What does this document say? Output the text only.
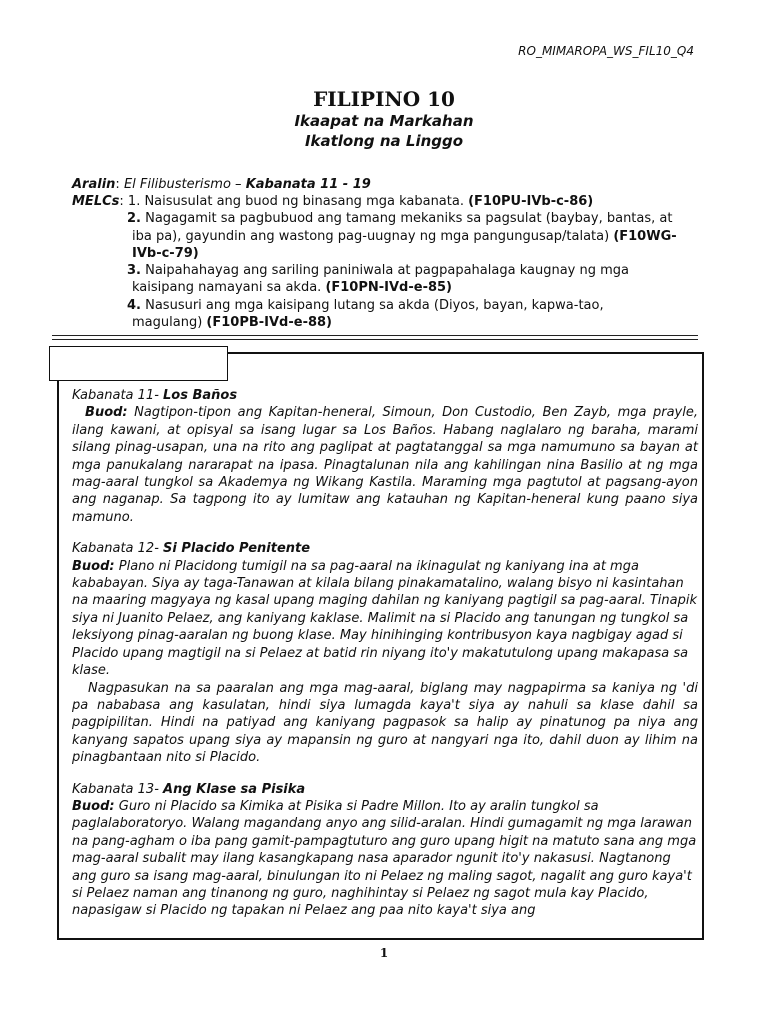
RO_MIMAROPA_WS_FIL10_Q4
FILIPINO 10
Ikaapat na Markahan
Ikatlong na Linggo
Aralin: El Filibusterismo – Kabanata 11 - 19
MELCs: 1. Naisusulat ang buod ng binasang mga kabanata. (F10PU-IVb-c-86)
2. Nagagamit sa pagbubuod ang tamang mekaniks sa pagsulat (baybay, bantas, at
iba pa), gayundin ang wastong pag-uugnay ng mga pangungusap/talata) (F10WG-
IVb-c-79)
3. Naipahahayag ang sariling paniniwala at pagpapahalaga kaugnay ng mga
kaisipang namayani sa akda. (F10PN-IVd-e-85)
4. Nasusuri ang mga kaisipang lutang sa akda (Diyos, bayan, kapwa-tao,
magulang) (F10PB-IVd-e-88)

Kabanata 11- Los Baños

Buod: Nagtipon-tipon ang Kapitan-heneral, Simoun, Don Custodio, Ben Zayb, mga prayle, ilang kawani, at opisyal sa isang lugar sa Los Baños. Habang naglalaro ng baraha, marami silang pinag-usapan, una na rito ang paglipat at pagtatanggal sa mga namumuno sa bayan at mga panukalang nararapat na ipasa. Pinagtalunan nila ang kahilingan nina Basilio at ng mga mag-aaral tungkol sa Akademya ng Wikang Kastila. Maraming mga pagtutol at pagsang-ayon ang naganap. Sa tagpong ito ay lumitaw ang katauhan ng Kapitan-heneral kung paano siya mamuno.

Kabanata 12- Si Placido Penitente

Buod: Plano ni Placidong tumigil na sa pag-aaral na ikinagulat ng kaniyang ina at mga kababayan. Siya ay taga-Tanawan at kilala bilang pinakamatalino, walang bisyo ni kasintahan na maaring magyaya ng kasal upang maging dahilan ng kaniyang pagtigil sa pag-aaral. Tinapik siya ni Juanito Pelaez, ang kaniyang kaklase. Malimit na si Placido ang tanungan ng tungkol sa leksiyong pinag-aaralan ng buong klase. May hinihinging kontribusyon kaya nagbigay agad si Placido upang magtigil na si Pelaez at batid rin niyang ito'y makatutulong upang makapasa sa klase.

Nagpasukan na sa paaralan ang mga mag-aaral, biglang may nagpapirma sa kaniya ng 'di pa nababasa ang kasulatan, hindi siya lumagda kaya't siya ay nahuli sa klase dahil sa pagpipilitan. Hindi na patiyad ang kaniyang pagpasok sa halip ay pinatunog pa niya ang kanyang sapatos upang siya ay mapansin ng guro at nangyari nga ito, dahil duon ay lihim na pinagbantaan nito si Placido.

Kabanata 13- Ang Klase sa Pisika

Buod: Guro ni Placido sa Kimika at Pisika si Padre Millon. Ito ay aralin tungkol sa paglalaboratoryo. Walang magandang anyo ang silid-aralan. Hindi gumagamit ng mga larawan na pang-agham o iba pang gamit-pampagtuturo ang guro upang higit na matuto sana ang mga mag-aaral subalit may ilang kasangkapang nasa aparador ngunit ito'y nakasusi. Nagtanong ang guro sa isang mag-aaral, binulungan ito ni Pelaez ng maling sagot, nagalit ang guro kaya't si Pelaez naman ang tinanong ng guro, naghihintay si Pelaez ng sagot mula kay Placido, napasigaw si Placido ng tapakan ni Pelaez ang paa nito kaya't siya ang

1
